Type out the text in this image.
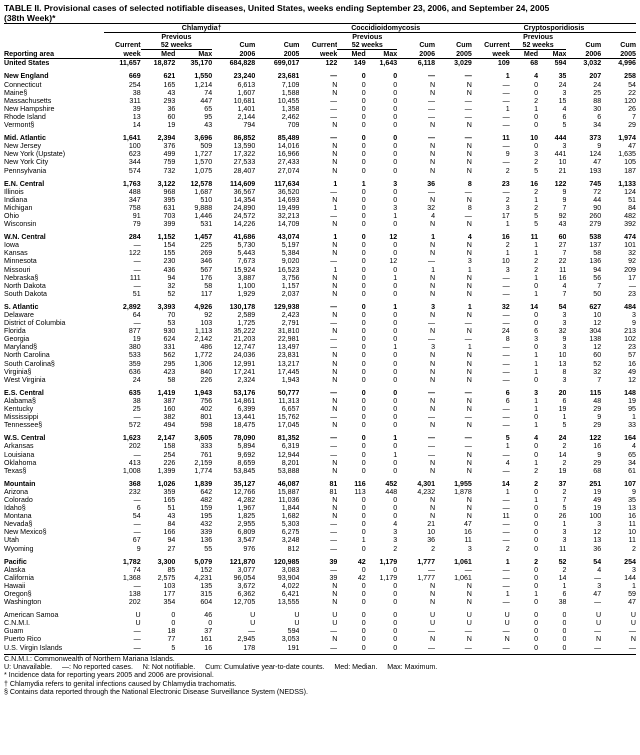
TABLE II. Provisional cases of selected notifiable diseases, United States, weeks ending September 23, 2006, and September 24, 2005
(38th Week)*
	Chlamydia†					Coccidioidomycosis					Cryptosporidiosis				
		Previous					Previous					Previous			
	Current	52 weeks		Cum	Cum	Current	52 weeks		Cum	Cum	Current	52 weeks		Cum	Cum
Reporting area	week	Med	Max	2006	2005	week	Med	Max	2006	2005	week	Med	Max	2006	2005
United States	11,657	18,872	35,170	684,828	699,017	122	149	1,643	6,118	3,029	109	68	594	3,032	4,996

New England	669	621	1,550	23,240	23,681	—	0	0	—	—	1	4	35	207	258
Connecticut	254	165	1,214	6,613	7,109	N	0	0	N	N	—	0	24	24	54
Maine§	38	43	74	1,607	1,588	N	0	0	N	N	—	0	3	25	22
Massachusetts	311	293	447	10,681	10,455	—	0	0	—	—	—	2	15	88	120
New Hampshire	39	36	65	1,401	1,358	—	0	0	—	—	1	1	4	30	26
Rhode Island	13	60	95	2,144	2,462	—	0	0	—	—	—	0	6	6	7
Vermont§	14	19	43	794	709	N	0	0	N	N	—	0	5	34	29

Mid. Atlantic	1,641	2,394	3,696	86,852	85,489	—	0	0	—	—	11	10	444	373	1,974
New Jersey	100	376	509	13,590	14,016	N	0	0	N	N	—	0	3	9	47
New York (Upstate)	623	499	1,727	17,322	16,966	N	0	0	N	N	9	3	441	124	1,635
New York City	344	759	1,570	27,533	27,433	N	0	0	N	N	—	2	10	47	105
Pennsylvania	574	732	1,075	28,407	27,074	N	0	0	N	N	2	5	21	193	187

E.N. Central	1,763	3,122	12,578	114,609	117,634	1	1	3	36	8	23	16	122	745	1,133
Illinois	488	968	1,687	36,567	36,520	—	0	0	—	—	—	2	9	72	124
Indiana	347	395	510	14,354	14,693	N	0	0	N	N	2	1	9	44	51
Michigan	758	631	9,888	24,890	19,499	1	0	3	32	8	3	2	7	90	84
Ohio	91	703	1,446	24,572	32,213	—	0	1	4	—	17	5	92	260	482
Wisconsin	79	399	531	14,226	14,709	N	0	0	N	N	1	5	43	279	392

W.N. Central	284	1,152	1,457	41,686	43,074	1	0	12	1	4	16	11	60	538	474
Iowa	—	154	225	5,730	5,197	N	0	0	N	N	2	1	27	137	101
Kansas	122	155	269	5,443	5,384	N	0	0	N	N	1	1	7	58	32
Minnesota	—	230	346	7,673	9,020	—	0	12	—	3	10	2	22	136	92
Missouri	—	436	567	15,924	16,523	1	0	0	1	1	3	2	11	94	209
Nebraska§	111	94	176	3,887	3,756	N	0	1	N	N	—	1	16	56	17
North Dakota	—	32	58	1,100	1,157	N	0	0	N	N	—	0	4	7	—
South Dakota	51	52	117	1,929	2,037	N	0	0	N	N	—	1	7	50	23

S. Atlantic	2,892	3,393	4,926	130,178	129,938	—	0	1	3	1	32	14	54	627	484
Delaware	64	70	92	2,589	2,423	N	0	0	N	N	—	0	3	10	3
District of Columbia	—	53	103	1,725	2,791	—	0	0	—	—	—	0	3	12	9
Florida	877	930	1,113	35,222	31,810	N	0	0	N	N	24	6	32	304	213
Georgia	19	624	2,142	21,203	22,981	—	0	0	—	—	8	3	9	138	102
Maryland§	380	331	486	12,747	13,497	—	0	1	3	1	—	0	3	12	23
North Carolina	533	562	1,772	24,036	23,831	N	0	0	N	N	—	1	10	60	57
South Carolina§	359	295	1,306	12,991	13,217	N	0	0	N	N	—	1	13	52	16
Virginia§	636	423	840	17,241	17,445	N	0	0	N	N	—	1	8	32	49
West Virginia	24	58	226	2,324	1,943	N	0	0	N	N	—	0	3	7	12

E.S. Central	635	1,419	1,943	53,176	50,777	—	0	0	—	—	6	3	20	115	148
Alabama§	38	387	756	14,861	11,313	N	0	0	N	N	6	1	6	48	19
Kentucky	25	160	402	6,399	6,657	N	0	0	N	N	—	1	19	29	95
Mississippi	—	382	801	13,441	15,762	—	0	0	—	—	—	0	1	9	1
Tennessee§	572	494	598	18,475	17,045	N	0	0	N	N	—	1	5	29	33

W.S. Central	1,623	2,147	3,605	78,090	81,352	—	0	1	—	—	5	4	24	122	164
Arkansas	202	158	333	5,894	6,319	—	0	0	—	—	1	0	2	16	4
Louisiana	—	254	761	9,692	12,944	—	0	1	—	N	—	0	14	9	65
Oklahoma	413	226	2,159	8,659	8,201	N	0	0	N	N	4	1	2	29	34
Texas§	1,008	1,399	1,774	53,845	53,888	N	0	0	N	N	—	2	19	68	61

Mountain	368	1,026	1,839	35,127	46,087	81	116	452	4,301	1,955	14	2	37	251	107
Arizona	232	359	642	12,766	15,887	81	113	448	4,232	1,878	1	0	2	19	9
Colorado	—	165	482	4,282	11,036	N	0	0	N	N	—	1	7	49	35
Idaho§	6	51	159	1,967	1,844	N	0	0	N	N	—	0	5	19	13
Montana	54	43	195	1,825	1,682	N	0	0	N	N	11	0	26	100	16
Nevada§	—	84	432	2,955	5,303	—	0	4	21	47	—	0	1	3	11
New Mexico§	—	166	339	6,809	6,275	—	0	3	10	16	—	0	3	12	10
Utah	67	94	136	3,547	3,248	—	1	3	36	11	—	0	3	13	11
Wyoming	9	27	55	976	812	—	0	2	2	3	2	0	11	36	2

Pacific	1,782	3,300	5,079	121,870	120,985	39	42	1,179	1,777	1,061	1	2	52	54	254
Alaska	74	85	152	3,077	3,083	—	0	0	—	—	—	0	2	4	3
California	1,368	2,575	4,231	96,054	93,904	39	42	1,179	1,777	1,061	—	0	14	—	144
Hawaii	—	103	135	3,672	4,022	N	0	0	N	N	—	0	1	3	1
Oregon§	138	177	315	6,362	6,421	N	0	0	N	N	1	1	6	47	59
Washington	202	354	604	12,705	13,555	N	0	0	N	N	—	0	38	—	47

American Samoa	U	0	46	U	U	U	0	0	U	U	U	0	0	U	U
C.N.M.I.	U	0	0	U	U	U	0	0	U	U	U	0	0	U	U
Guam	—	18	37	—	594	—	0	0	—	—	—	0	0	—	—
Puerto Rico	—	77	161	2,945	3,053	N	0	0	N	N	N	0	0	N	N
U.S. Virgin Islands	—	5	16	178	191	—	0	0	—	—	—	0	0	—	—
C.N.M.I.: Commonwealth of Northern Mariana Islands.
U: Unavailable.     —: No reported cases.     N: Not notifiable.     Cum: Cumulative year-to-date counts.     Med: Median.     Max: Maximum.
* Incidence data for reporting years 2005 and 2006 are provisional.
† Chlamydia refers to genital infections caused by Chlamydia trachomatis.
§ Contains data reported through the National Electronic Disease Surveillance System (NEDSS).
